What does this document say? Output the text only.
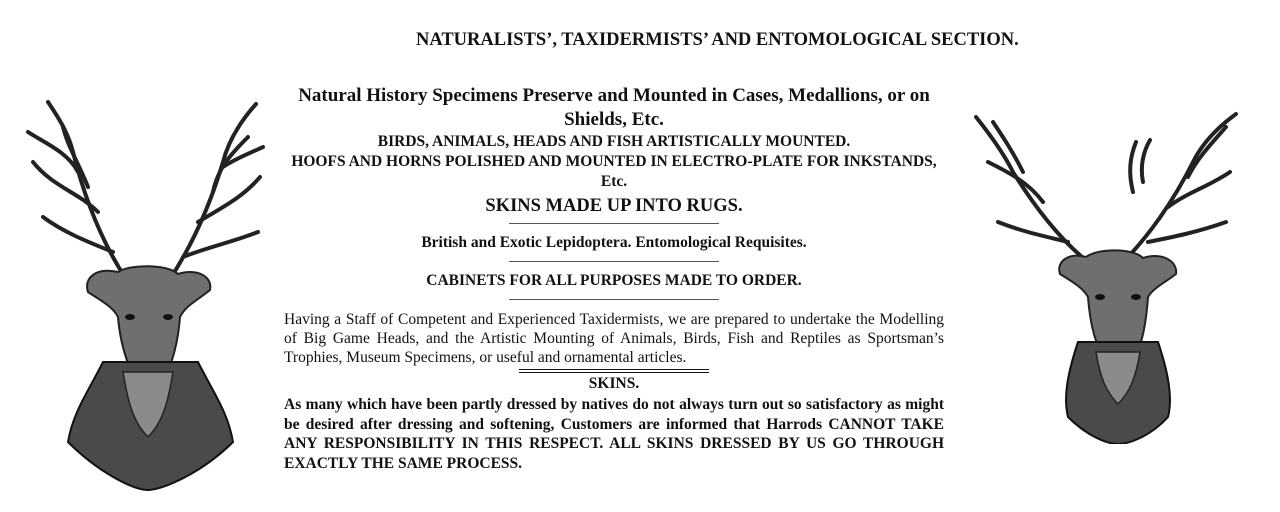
NATURALISTS’, TAXIDERMISTS’ AND ENTOMOLOGICAL SECTION.
Natural History Specimens Preserve and Mounted in Cases, Medallions, or on Shields, Etc.
BIRDS, ANIMALS, HEADS AND FISH ARTISTICALLY MOUNTED.
HOOFS AND HORNS POLISHED AND MOUNTED IN ELECTRO-PLATE FOR INKSTANDS, Etc.
SKINS MADE UP INTO RUGS.
British and Exotic Lepidoptera. Entomological Requisites.
CABINETS FOR ALL PURPOSES MADE TO ORDER.
Having a Staff of Competent and Experienced Taxidermists, we are prepared to undertake the Modelling of Big Game Heads, and the Artistic Mounting of Animals, Birds, Fish and Reptiles as Sportsman’s Trophies, Museum Specimens, or useful and ornamental articles.
SKINS.
As many which have been partly dressed by natives do not always turn out so satisfactory as might be desired after dressing and softening, Customers are informed that Harrods CANNOT TAKE ANY RESPONSIBILITY IN THIS RESPECT. ALL SKINS DRESSED BY US GO THROUGH EXACTLY THE SAME PROCESS.
